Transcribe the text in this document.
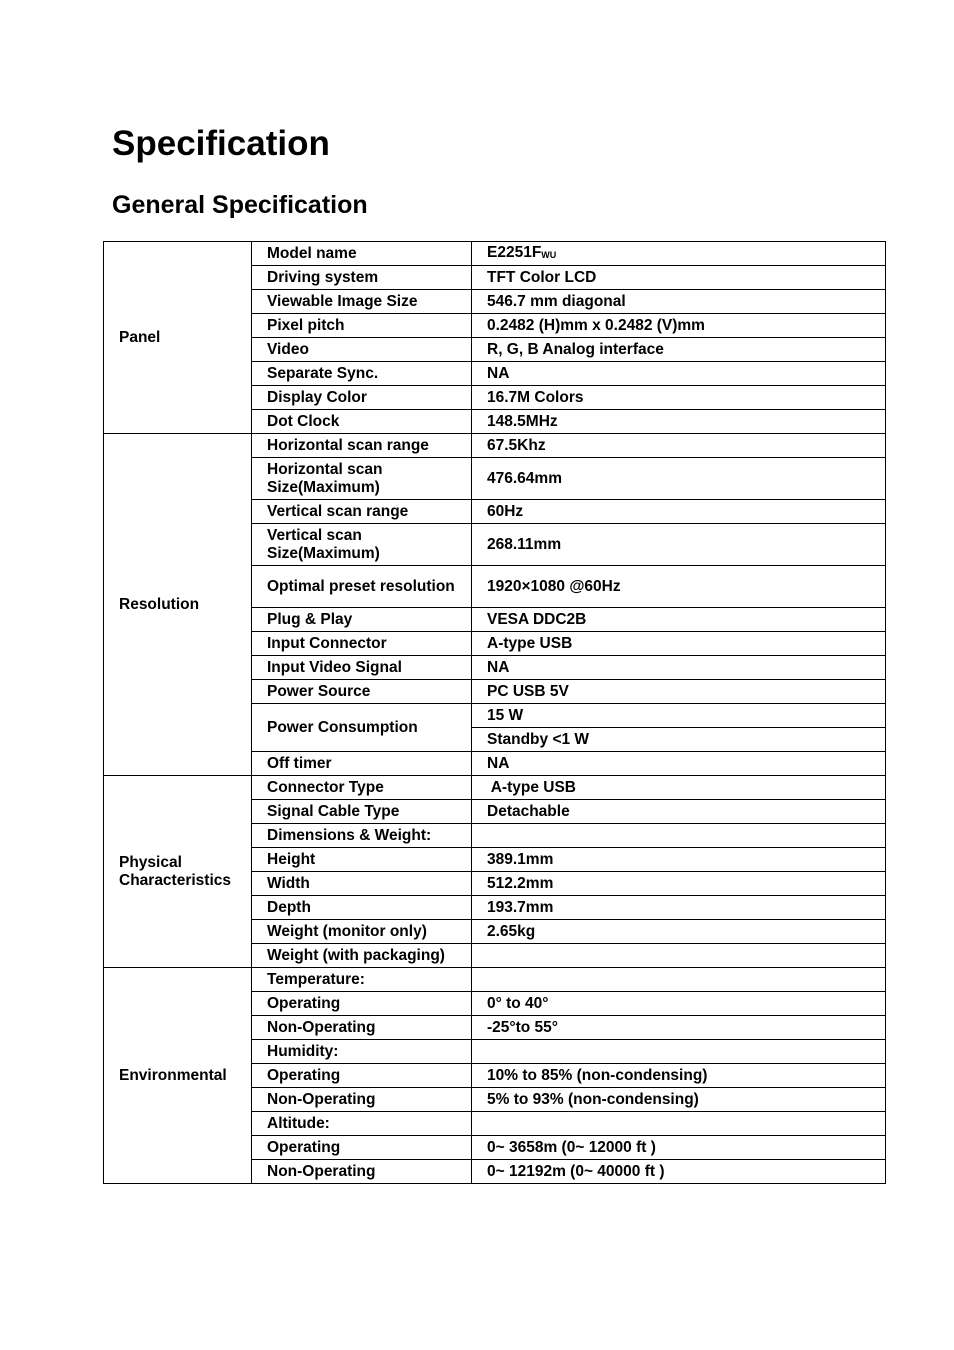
Specification
General Specification
Panel	Model name	$E2251F_{WU}$
	Driving system	TFT Color LCD
	Viewable Image Size	546.7 mm diagonal
	Pixel pitch	0.2482 (H)mm x 0.2482 (V)mm
	Video	R, G, B Analog interface
	Separate Sync.	NA
	Display Color	16.7M Colors
	Dot Clock	148.5MHz
Resolution	Horizontal scan range	67.5Khz
	Horizontal scan Size(Maximum)	476.64mm
	Vertical scan range	60Hz
	Vertical scan Size(Maximum)	268.11mm
	Optimal preset resolution	1920×1080 @60Hz
	Plug & Play	VESA DDC2B
	Input Connector	A-type USB
	Input Video Signal	NA
	Power Source	PC USB 5V
	Power Consumption	15 W
		Standby <1 W
	Off timer	NA
Physical Characteristics	Connector Type	A-type USB
	Signal Cable Type	Detachable
	Dimensions & Weight:	
	Height	389.1mm
	Width	512.2mm
	Depth	193.7mm
	Weight (monitor only)	2.65kg
	Weight (with packaging)	
Environmental	Temperature:	
	Operating	0° to 40°
	Non-Operating	-25°to 55°
	Humidity:	
	Operating	10% to 85% (non-condensing)
	Non-Operating	5% to 93% (non-condensing)
	Altitude:	
	Operating	0~ 3658m (0~ 12000 ft )
	Non-Operating	0~ 12192m (0~ 40000 ft )
